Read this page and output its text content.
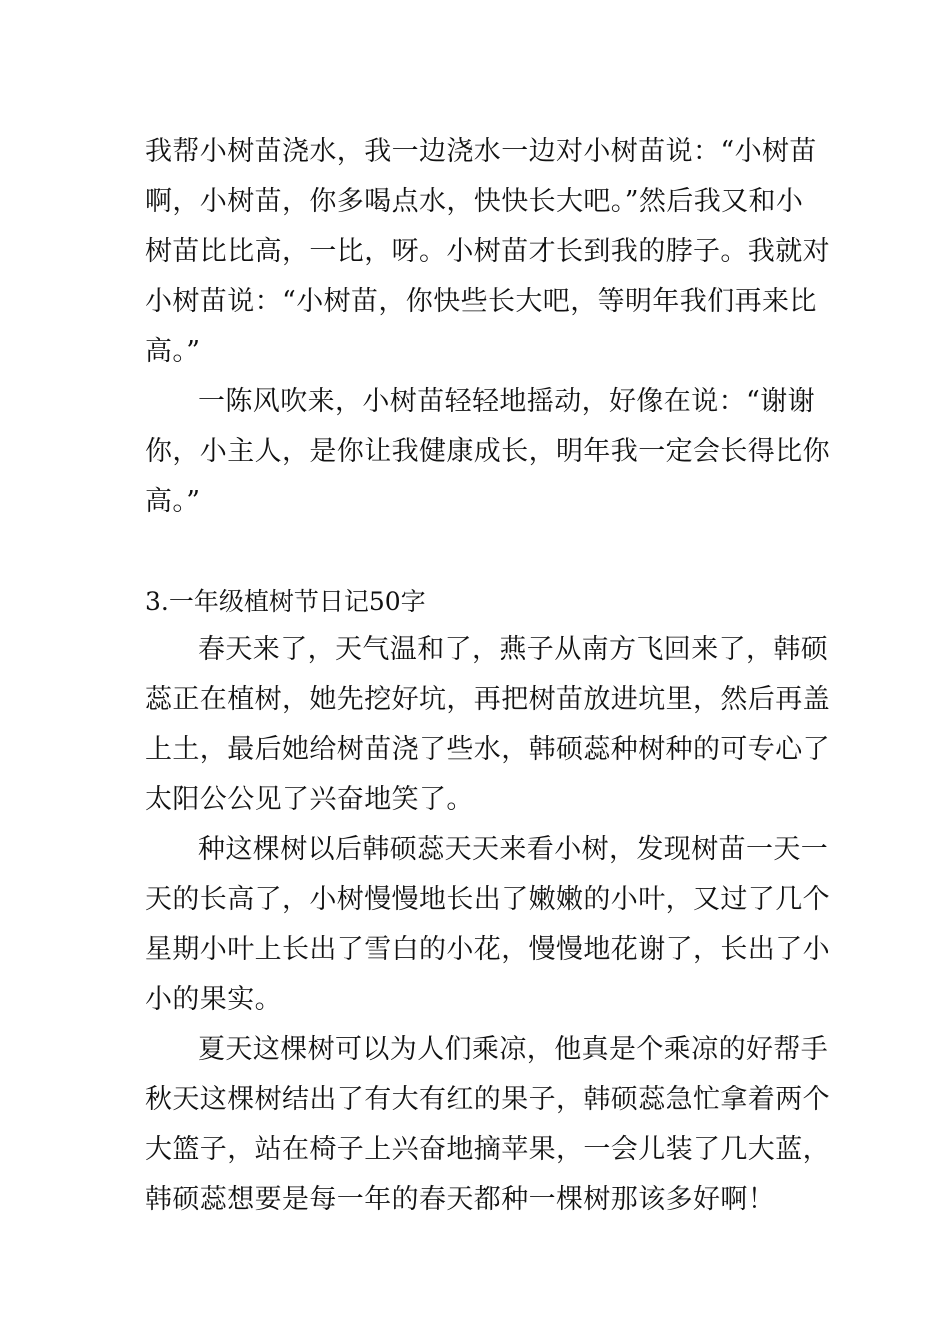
我帮小树苗浇水，我一边浇水一边对小树苗说：“小树苗

啊，小树苗，你多喝点水，快快长大吧。”然后我又和小

树苗比比高，一比，呀。小树苗才长到我的脖子。我就对

小树苗说：“小树苗，你快些长大吧，等明年我们再来比

高。”

一陈风吹来，小树苗轻轻地摇动，好像在说：“谢谢

你，小主人，是你让我健康成长，明年我一定会长得比你

高。”

3.一年级植树节日记50字

春天来了，天气温和了，燕子从南方飞回来了，韩硕

蕊正在植树，她先挖好坑，再把树苗放进坑里，然后再盖

上土，最后她给树苗浇了些水，韩硕蕊种树种的可专心了

太阳公公见了兴奋地笑了。

种这棵树以后韩硕蕊天天来看小树，发现树苗一天一

天的长高了，小树慢慢地长出了嫩嫩的小叶，又过了几个

星期小叶上长出了雪白的小花，慢慢地花谢了，长出了小

小的果实。

夏天这棵树可以为人们乘凉，他真是个乘凉的好帮手

秋天这棵树结出了有大有红的果子，韩硕蕊急忙拿着两个

大篮子，站在椅子上兴奋地摘苹果，一会儿装了几大蓝，

韩硕蕊想要是每一年的春天都种一棵树那该多好啊！
